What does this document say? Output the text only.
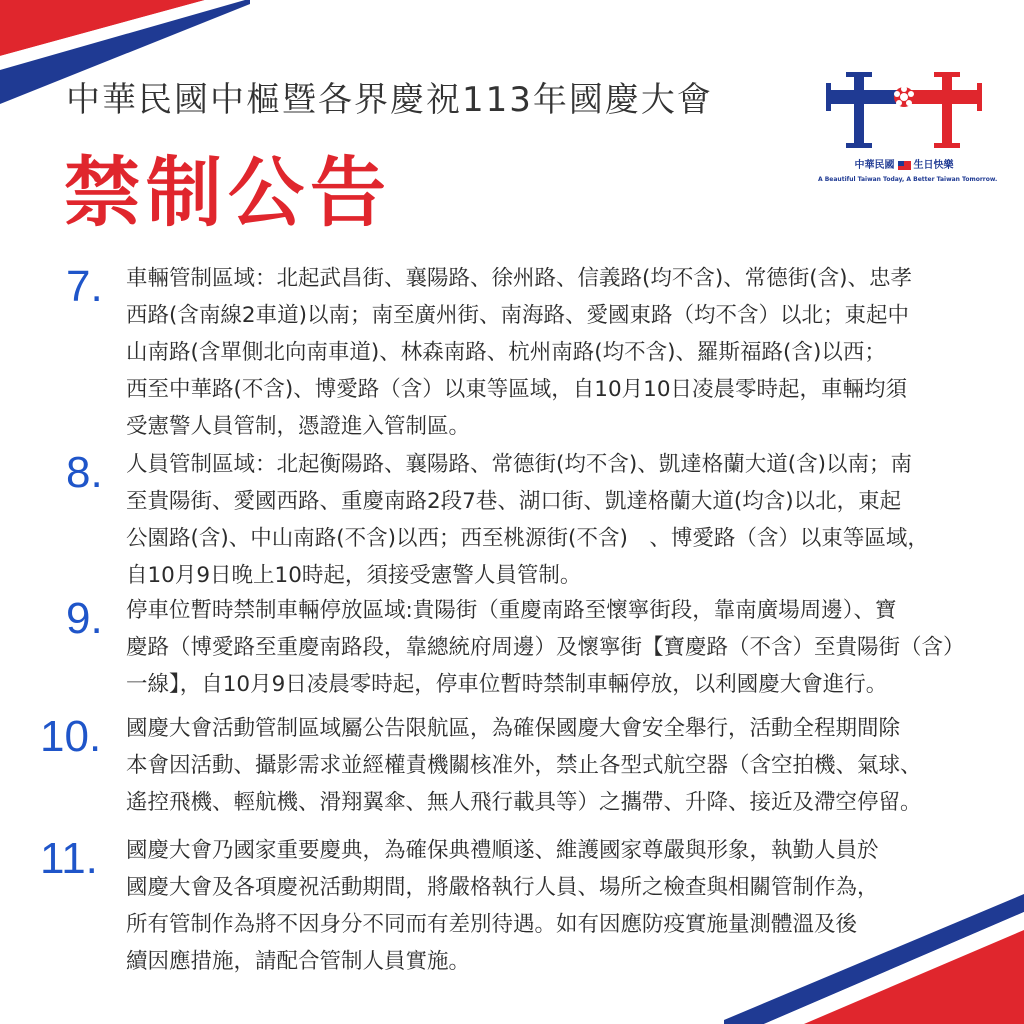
中華民國中樞暨各界慶祝113年國慶大會
禁制公告	中華民國 生日快樂
A Beautiful Taiwan Today, A Better Taiwan Tomorrow.
7. 車輛管制區域：北起武昌街、襄陽路、徐州路、信義路(均不含)、常德街(含)、忠孝
西路(含南線2車道)以南；南至廣州街、南海路、愛國東路（均不含）以北；東起中
山南路(含單側北向南車道)、林森南路、杭州南路(均不含)、羅斯福路(含)以西；
西至中華路(不含)、博愛路（含）以東等區域，自10月10日凌晨零時起，車輛均須
受憲警人員管制，憑證進入管制區。
8. 人員管制區域：北起衡陽路、襄陽路、常德街(均不含)、凱達格蘭大道(含)以南；南
至貴陽街、愛國西路、重慶南路2段7巷、湖口街、凱達格蘭大道(均含)以北，東起
公園路(含)、中山南路(不含)以西；西至桃源街(不含)　、博愛路（含）以東等區域，
自10月9日晚上10時起，須接受憲警人員管制。
9. 停車位暫時禁制車輛停放區域:貴陽街（重慶南路至懷寧街段，靠南廣場周邊）、寶
慶路（博愛路至重慶南路段，靠總統府周邊）及懷寧街【寶慶路（不含）至貴陽街（含）
一線】，自10月9日凌晨零時起，停車位暫時禁制車輛停放，以利國慶大會進行。
10. 國慶大會活動管制區域屬公告限航區，為確保國慶大會安全舉行，活動全程期間除
本會因活動、攝影需求並經權責機關核准外，禁止各型式航空器（含空拍機、氣球、
遙控飛機、輕航機、滑翔翼傘、無人飛行載具等）之攜帶、升降、接近及滯空停留。
11. 國慶大會乃國家重要慶典，為確保典禮順遂、維護國家尊嚴與形象，執勤人員於
國慶大會及各項慶祝活動期間，將嚴格執行人員、場所之檢查與相關管制作為，
所有管制作為將不因身分不同而有差別待遇。如有因應防疫實施量測體溫及後
續因應措施，請配合管制人員實施。
